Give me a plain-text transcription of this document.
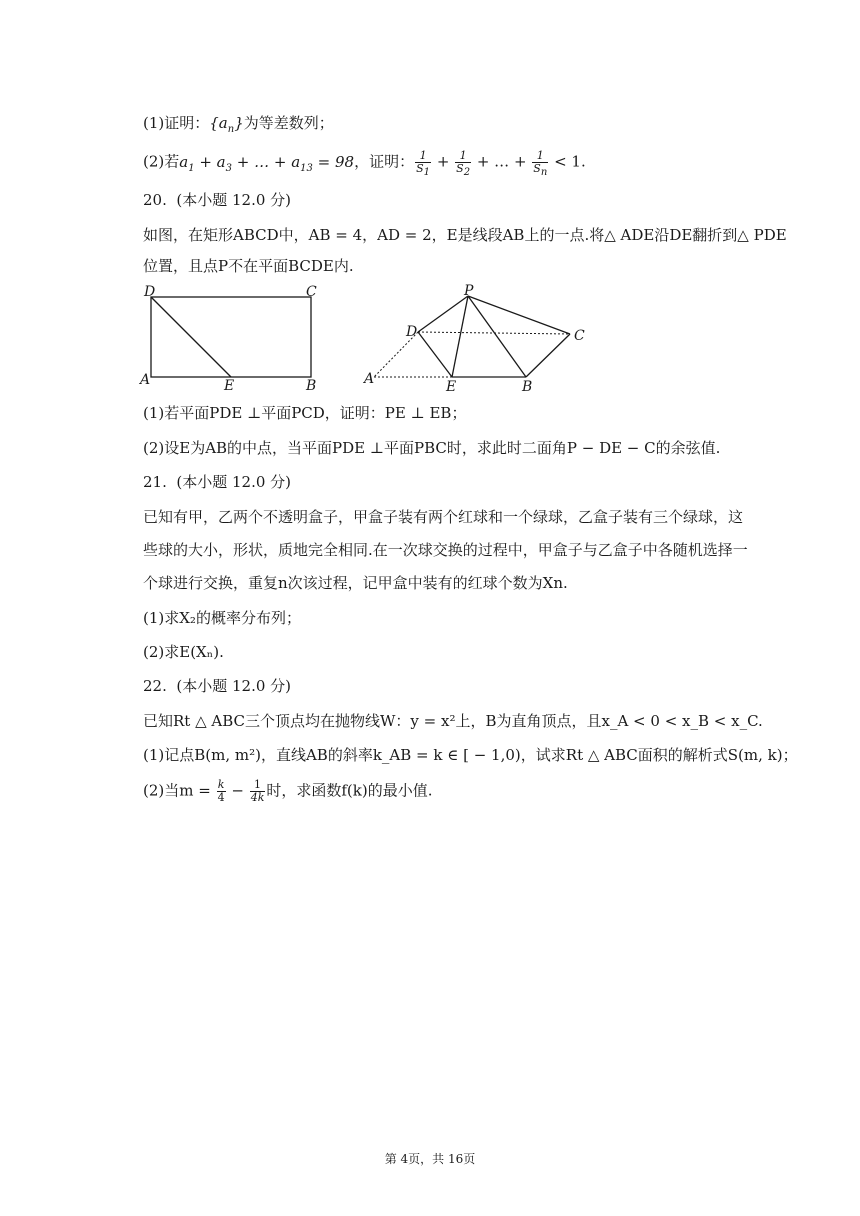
(1)证明：$\{a_n\}$为等差数列；
(2)若$a_1 + a_3$ + … + $a_{13} = 98$，证明： $\frac{1}{S_1} + \frac{1}{S_2}$ + … + $\frac{1}{S_n} < 1$.
20.  (本小题 12.0 分)
如图，在矩形ABCD中，AB = 4，AD = 2，E是线段AB上的一点.将△ ADE沿DE翻折到△ PDE
位置，且点P不在平面BCDE内.
D	C
A	E	B
P
D	C
A	E	B
(1)若平面PDE ⊥平面PCD，证明：PE ⊥ EB；
(2)设E为AB的中点，当平面PDE ⊥平面PBC时，求此时二面角P − DE − C的余弦值.
21.  (本小题 12.0 分)
已知有甲，乙两个不透明盒子，甲盒子装有两个红球和一个绿球，乙盒子装有三个绿球，这
些球的大小，形状，质地完全相同.在一次球交换的过程中，甲盒子与乙盒子中各随机选择一
个球进行交换，重复n次该过程，记甲盒中装有的红球个数为Xn.
(1)求X₂的概率分布列；
(2)求E(Xₙ).
22.  (本小题 12.0 分)
已知Rt △ ABC三个顶点均在抛物线W：y = x²上，B为直角顶点，且x_A < 0 < x_B < x_C.
(1)记点B(m, m²)，直线AB的斜率k_AB = k ∈ [ − 1,0)，试求Rt △ ABC面积的解析式S(m, k)；
(2)当$m = \frac{k}{4} - \frac{1}{4k}$ 时，求函数f(k)的最小值.
第 4页，共 16页
